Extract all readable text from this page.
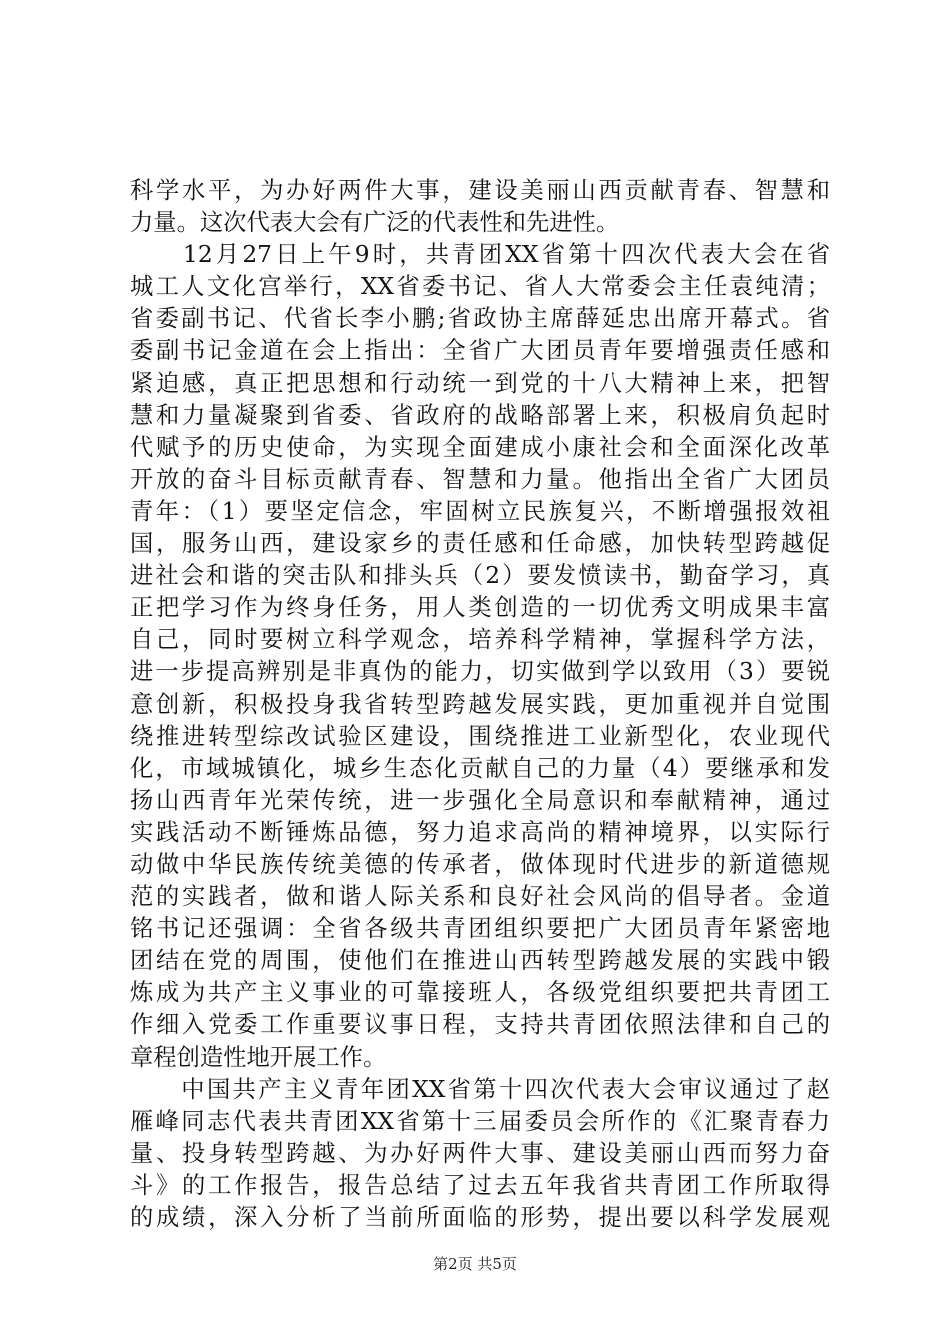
科学水平，为办好两件大事，建设美丽山西贡献青春、智慧和
力量。这次代表大会有广泛的代表性和先进性。
　　12月27日上午9时，共青团XX省第十四次代表大会在省
城工人文化宫举行，XX省委书记、省人大常委会主任袁纯清；
省委副书记、代省长李小鹏;省政协主席薛延忠出席开幕式。省
委副书记金道在会上指出：全省广大团员青年要增强责任感和
紧迫感，真正把思想和行动统一到党的十八大精神上来，把智
慧和力量凝聚到省委、省政府的战略部署上来，积极肩负起时
代赋予的历史使命，为实现全面建成小康社会和全面深化改革
开放的奋斗目标贡献青春、智慧和力量。他指出全省广大团员
青年：（1）要坚定信念，牢固树立民族复兴，不断增强报效祖
国，服务山西，建设家乡的责任感和任命感，加快转型跨越促
进社会和谐的突击队和排头兵（2）要发愤读书，勤奋学习，真
正把学习作为终身任务，用人类创造的一切优秀文明成果丰富
自己，同时要树立科学观念，培养科学精神，掌握科学方法，
进一步提高辨别是非真伪的能力，切实做到学以致用（3）要锐
意创新，积极投身我省转型跨越发展实践，更加重视并自觉围
绕推进转型综改试验区建设，围绕推进工业新型化，农业现代
化，市域城镇化，城乡生态化贡献自己的力量（4）要继承和发
扬山西青年光荣传统，进一步强化全局意识和奉献精神，通过
实践活动不断锤炼品德，努力追求高尚的精神境界，以实际行
动做中华民族传统美德的传承者，做体现时代进步的新道德规
范的实践者，做和谐人际关系和良好社会风尚的倡导者。金道
铭书记还强调：全省各级共青团组织要把广大团员青年紧密地
团结在党的周围，使他们在推进山西转型跨越发展的实践中锻
炼成为共产主义事业的可靠接班人，各级党组织要把共青团工
作细入党委工作重要议事日程，支持共青团依照法律和自己的
章程创造性地开展工作。
　　中国共产主义青年团XX省第十四次代表大会审议通过了赵
雁峰同志代表共青团XX省第十三届委员会所作的《汇聚青春力
量、投身转型跨越、为办好两件大事、建设美丽山西而努力奋
斗》的工作报告，报告总结了过去五年我省共青团工作所取得
的成绩，深入分析了当前所面临的形势，提出要以科学发展观
第2页 共5页
